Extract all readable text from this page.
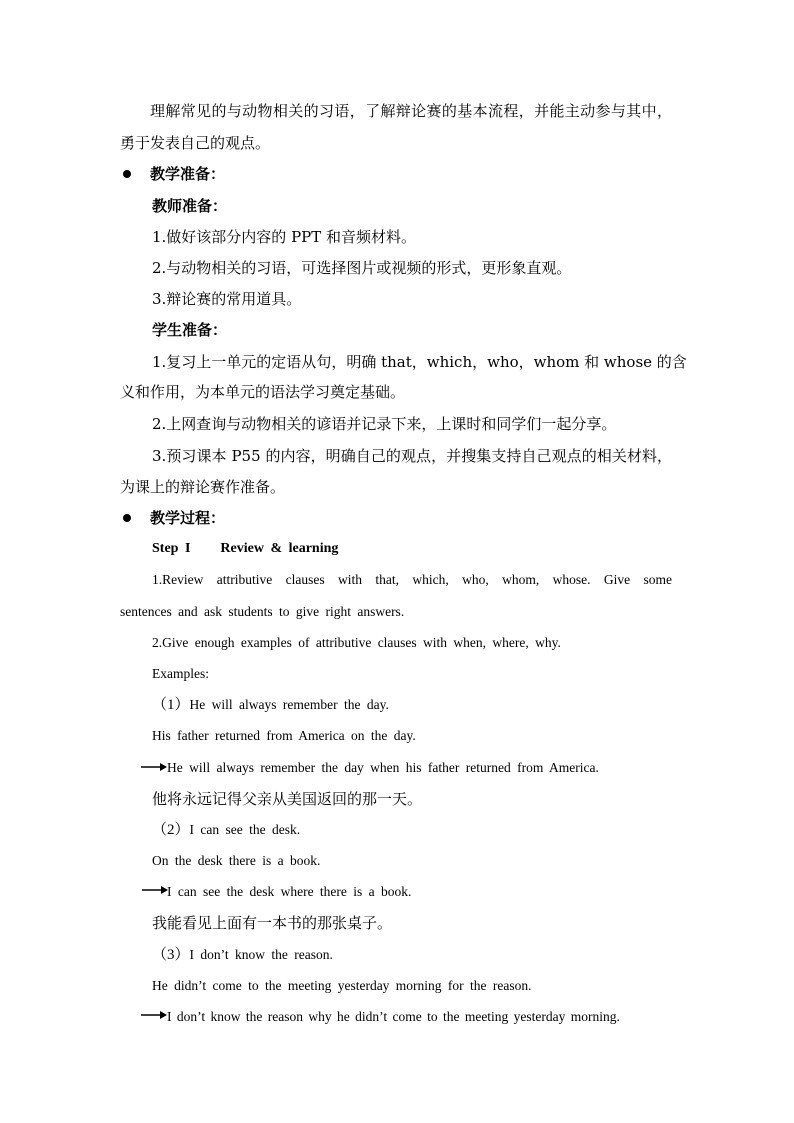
理解常见的与动物相关的习语，了解辩论赛的基本流程，并能主动参与其中，
勇于发表自己的观点。
教学准备：
教师准备：
1.做好该部分内容的 PPT 和音频材料。
2.与动物相关的习语，可选择图片或视频的形式，更形象直观。
3.辩论赛的常用道具。
学生准备：
1.复习上一单元的定语从句，明确 that，which，who，whom 和 whose 的含
义和作用，为本单元的语法学习奠定基础。
2.上网查询与动物相关的谚语并记录下来，上课时和同学们一起分享。
3.预习课本 P55 的内容，明确自己的观点，并搜集支持自己观点的相关材料，
为课上的辩论赛作准备。
教学过程：
Step I Review & learning
1.Review attributive clauses with that, which, who, whom, whose. Give some
sentences and ask students to give right answers.
2.Give enough examples of attributive clauses with when, where, why.
Examples:
（1）He will always remember the day.
His father returned from America on the day.
He will always remember the day when his father returned from America.
他将永远记得父亲从美国返回的那一天。
（2）I can see the desk.
On the desk there is a book.
I can see the desk where there is a book.
我能看见上面有一本书的那张桌子。
（3）I don’t know the reason.
He didn’t come to the meeting yesterday morning for the reason.
I don’t know the reason why he didn’t come to the meeting yesterday morning.
